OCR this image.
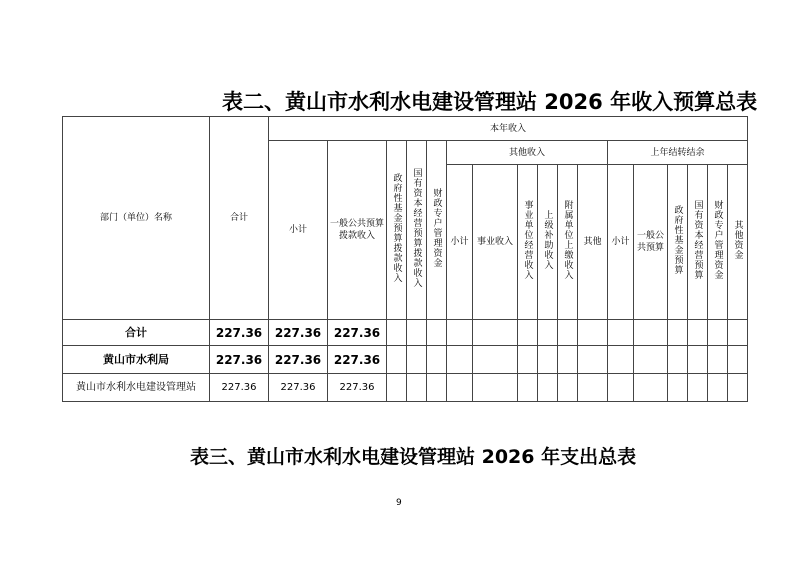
表二、黄山市水利水电建设管理站 2026 年收入预算总表
部门（单位）名称	合计	本年收入																
		小计	一般公共预算拨款收入	政府性基金预算拨款收入	国有资本经营预算拨款收入	财政专户管理资金	其他收入						上年结转结余					
							小计	事业收入	事业单位经营收入	上级补助收入	附属单位上缴收入	其他	小计	一般公共预算	政府性基金预算	国有资本经营预算	财政专户管理资金	其他资金
合计	227.36	227.36	227.36															
黄山市水利局	227.36	227.36	227.36															
黄山市水利水电建设管理站	227.36	227.36	227.36															
表三、黄山市水利水电建设管理站 2026 年支出总表
9
